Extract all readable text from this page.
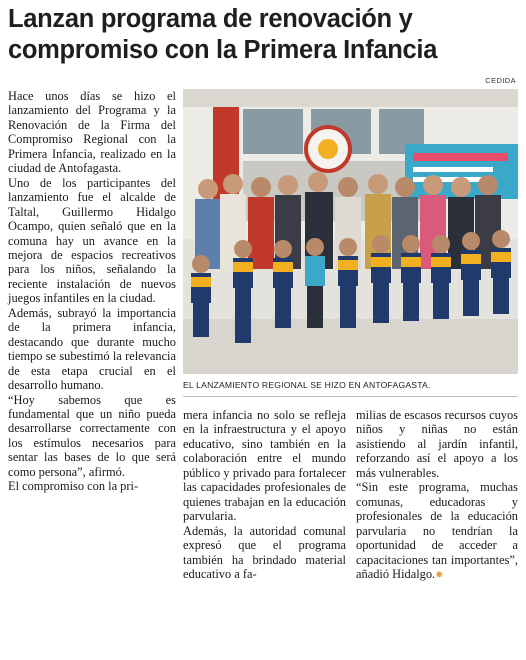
Lanzan programa de renovación y compromiso con la Primera Infancia
CEDIDA

Hace unos días se hizo el lanzamiento del Programa y la Renovación de la Firma del Compromiso Regional con la Primera Infancia, realizado en la ciudad de Antofagasta.

Uno de los participantes del lanzamiento fue el alcalde de Taltal, Guillermo Hidalgo Ocampo, quien señaló que en la comuna hay un avance en la mejora de espacios recreativos para los niños, señalando la reciente instalación de nuevos juegos infantiles en la ciudad.

Además, subrayó la importancia de la primera infancia, destacando que durante mucho tiempo se subestimó la relevancia de esta etapa crucial en el desarrollo humano.

“Hoy sabemos que es fundamental que un niño pueda desarrollarse correctamente con los estímulos necesarios para sentar las bases de lo que será como persona”, afirmó.

El compromiso con la pri-

EL LANZAMIENTO REGIONAL SE HIZO EN ANTOFAGASTA.

mera infancia no solo se refleja en la infraestructura y el apoyo educativo, sino también en la colaboración entre el mundo público y privado para fortalecer las capacidades profesionales de quienes trabajan en la educación parvularia.

Además, la autoridad comunal expresó que el programa también ha brindado material educativo a fa-

milias de escasos recursos cuyos niños y niñas no están asistiendo al jardín infantil, reforzando así el apoyo a los más vulnerables.

“Sin este programa, muchas comunas, educadoras y profesionales de la educación parvularia no tendrían la oportunidad de acceder a capacitaciones tan importantes”, añadió Hidalgo.✸
